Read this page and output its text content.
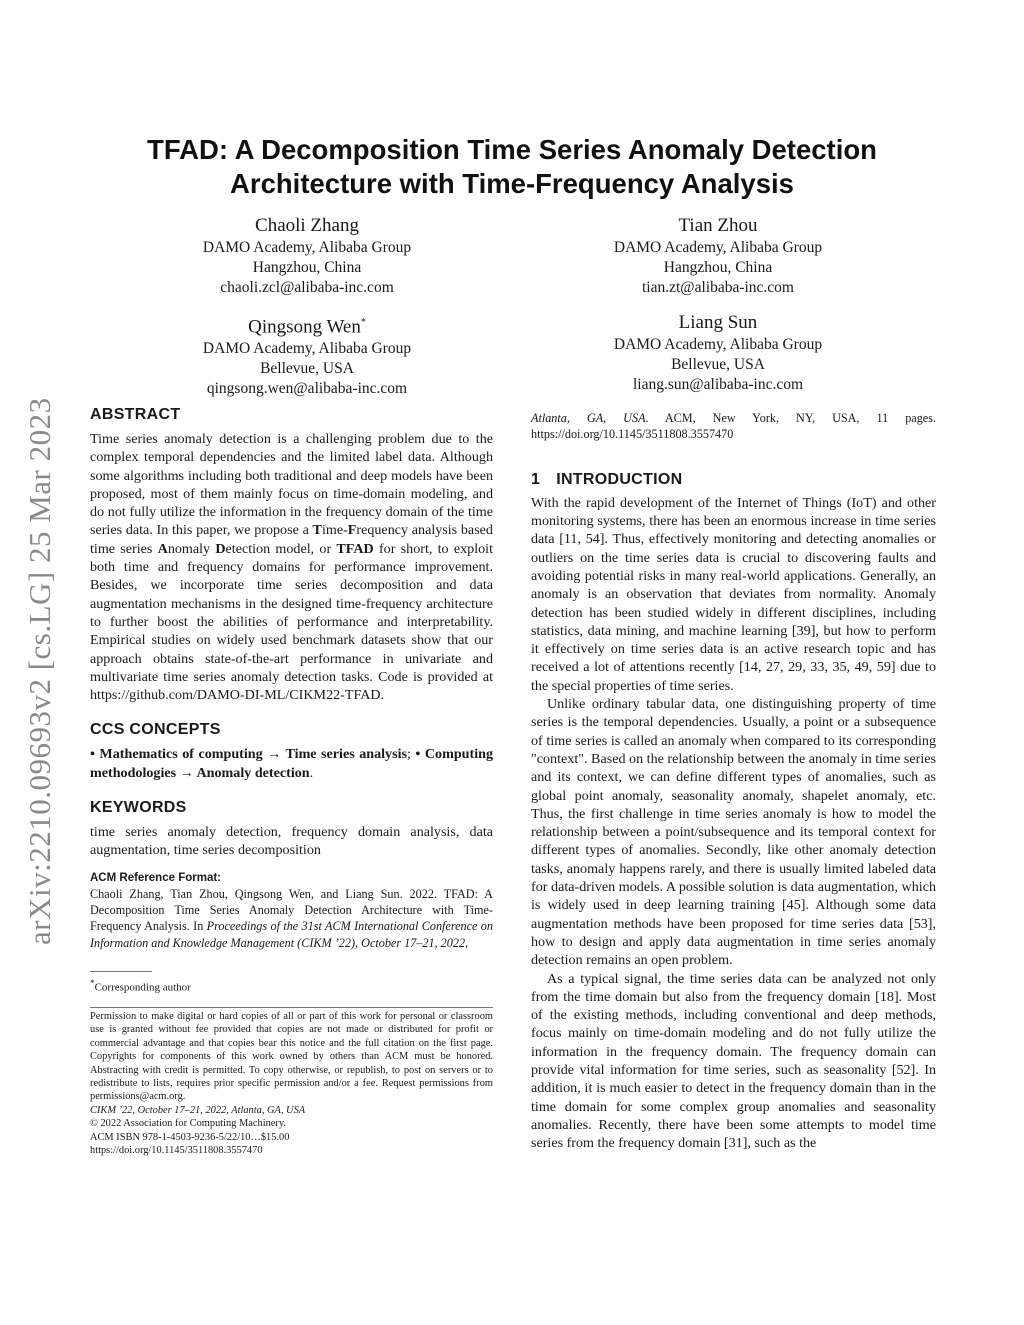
arXiv:2210.09693v2 [cs.LG] 25 Mar 2023
TFAD: A Decomposition Time Series Anomaly Detection
Architecture with Time-Frequency Analysis
Chaoli Zhang
DAMO Academy, Alibaba Group
Hangzhou, China
chaoli.zcl@alibaba-inc.com
Tian Zhou
DAMO Academy, Alibaba Group
Hangzhou, China
tian.zt@alibaba-inc.com
Qingsong Wen*
DAMO Academy, Alibaba Group
Bellevue, USA
qingsong.wen@alibaba-inc.com
Liang Sun
DAMO Academy, Alibaba Group
Bellevue, USA
liang.sun@alibaba-inc.com
ABSTRACT

Time series anomaly detection is a challenging problem due to the complex temporal dependencies and the limited label data. Although some algorithms including both traditional and deep models have been proposed, most of them mainly focus on time-domain modeling, and do not fully utilize the information in the frequency domain of the time series data. In this paper, we propose a Time-Frequency analysis based time series Anomaly Detection model, or TFAD for short, to exploit both time and frequency domains for performance improvement. Besides, we incorporate time series decomposition and data augmentation mechanisms in the designed time-frequency architecture to further boost the abilities of performance and interpretability. Empirical studies on widely used benchmark datasets show that our approach obtains state-of-the-art performance in univariate and multivariate time series anomaly detection tasks. Code is provided at https://github.com/DAMO-DI-ML/CIKM22-TFAD.

CCS CONCEPTS

• Mathematics of computing → Time series analysis; • Computing methodologies → Anomaly detection.

KEYWORDS

time series anomaly detection, frequency domain analysis, data augmentation, time series decomposition

ACM Reference Format:

Chaoli Zhang, Tian Zhou, Qingsong Wen, and Liang Sun. 2022. TFAD: A Decomposition Time Series Anomaly Detection Architecture with Time-Frequency Analysis. In Proceedings of the 31st ACM International Conference on Information and Knowledge Management (CIKM ’22), October 17–21, 2022,

*Corresponding author

Permission to make digital or hard copies of all or part of this work for personal or classroom use is granted without fee provided that copies are not made or distributed for profit or commercial advantage and that copies bear this notice and the full citation on the first page. Copyrights for components of this work owned by others than ACM must be honored. Abstracting with credit is permitted. To copy otherwise, or republish, to post on servers or to redistribute to lists, requires prior specific permission and/or a fee. Request permissions from permissions@acm.org.

CIKM ’22, October 17–21, 2022, Atlanta, GA, USA

© 2022 Association for Computing Machinery.

ACM ISBN 978-1-4503-9236-5/22/10…$15.00

https://doi.org/10.1145/3511808.3557470

Atlanta, GA, USA. ACM, New York, NY, USA, 11 pages. https://doi.org/10.1145/3511808.3557470

1 INTRODUCTION

With the rapid development of the Internet of Things (IoT) and other monitoring systems, there has been an enormous increase in time series data [11, 54]. Thus, effectively monitoring and detecting anomalies or outliers on the time series data is crucial to discovering faults and avoiding potential risks in many real-world applications. Generally, an anomaly is an observation that deviates from normality. Anomaly detection has been studied widely in different disciplines, including statistics, data mining, and machine learning [39], but how to perform it effectively on time series data is an active research topic and has received a lot of attentions recently [14, 27, 29, 33, 35, 49, 59] due to the special properties of time series.

Unlike ordinary tabular data, one distinguishing property of time series is the temporal dependencies. Usually, a point or a subsequence of time series is called an anomaly when compared to its corresponding "context". Based on the relationship between the anomaly in time series and its context, we can define different types of anomalies, such as global point anomaly, seasonality anomaly, shapelet anomaly, etc. Thus, the first challenge in time series anomaly is how to model the relationship between a point/subsequence and its temporal context for different types of anomalies. Secondly, like other anomaly detection tasks, anomaly happens rarely, and there is usually limited labeled data for data-driven models. A possible solution is data augmentation, which is widely used in deep learning training [45]. Although some data augmentation methods have been proposed for time series data [53], how to design and apply data augmentation in time series anomaly detection remains an open problem.

As a typical signal, the time series data can be analyzed not only from the time domain but also from the frequency domain [18]. Most of the existing methods, including conventional and deep methods, focus mainly on time-domain modeling and do not fully utilize the information in the frequency domain. The frequency domain can provide vital information for time series, such as seasonality [52]. In addition, it is much easier to detect in the frequency domain than in the time domain for some complex group anomalies and seasonality anomalies. Recently, there have been some attempts to model time series from the frequency domain [31], such as the
